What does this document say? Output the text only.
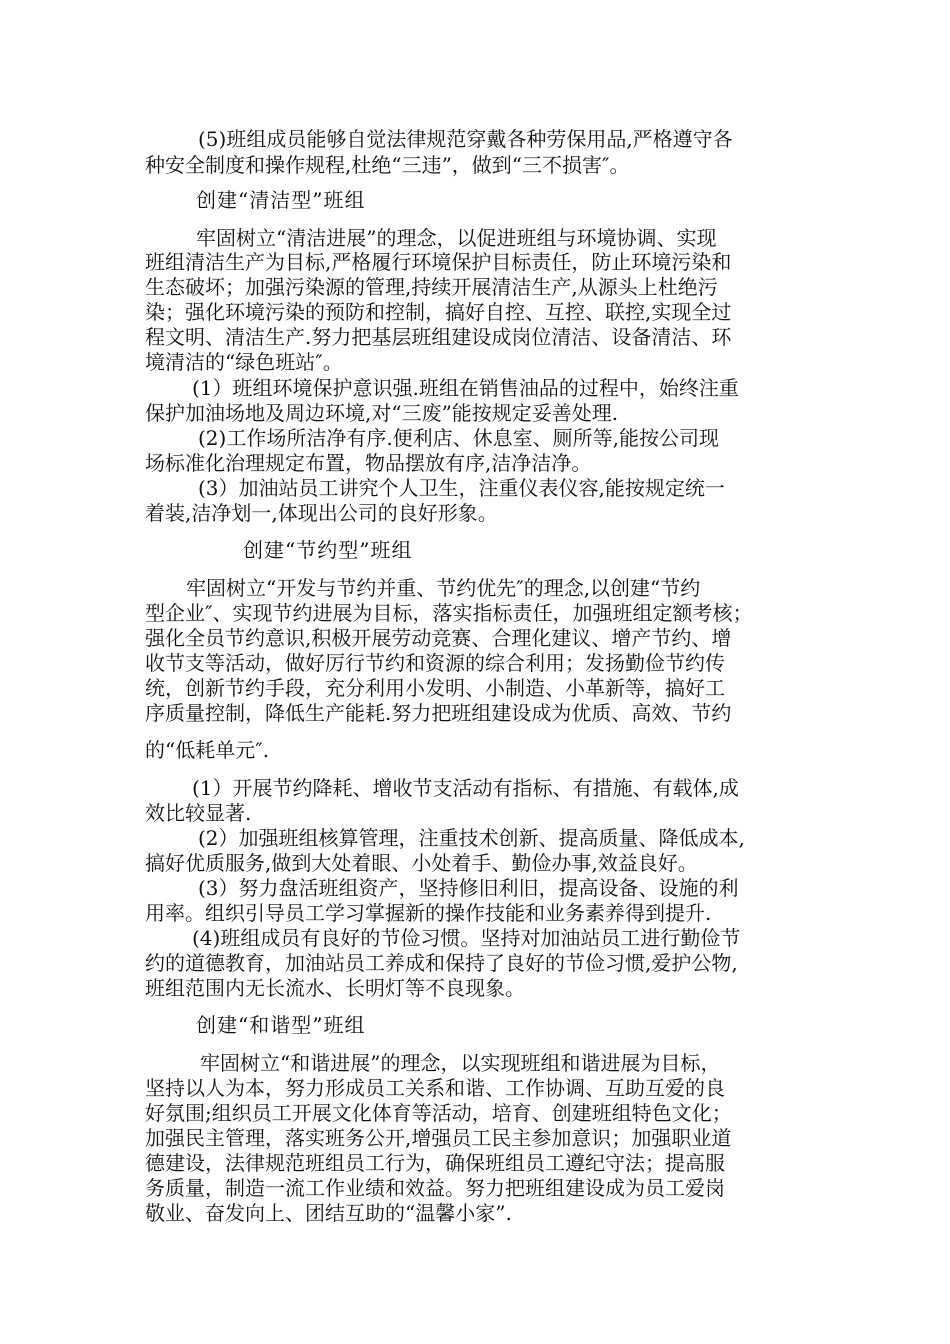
(5)班组成员能够自觉法律规范穿戴各种劳保用品,严格遵守各
种安全制度和操作规程,杜绝“三违”，做到“三不损害″。
创建“清洁型”班组
牢固树立“清洁进展”的理念，以促进班组与环境协调、实现
班组清洁生产为目标,严格履行环境保护目标责任，防止环境污染和
生态破坏；加强污染源的管理,持续开展清洁生产,从源头上杜绝污
染；强化环境污染的预防和控制，搞好自控、互控、联控,实现全过
程文明、清洁生产.努力把基层班组建设成岗位清洁、设备清洁、环
境清洁的“绿色班站″。
(1）班组环境保护意识强.班组在销售油品的过程中，始终注重
保护加油场地及周边环境,对“三废”能按规定妥善处理.
(2)工作场所洁净有序.便利店、休息室、厕所等,能按公司现
场标准化治理规定布置，物品摆放有序,洁净洁净。
(3）加油站员工讲究个人卫生，注重仪表仪容,能按规定统一
着装,洁净划一,体现出公司的良好形象。
创建“节约型”班组
牢固树立“开发与节约并重、节约优先″的理念,以创建“节约
型企业″、实现节约进展为目标，落实指标责任，加强班组定额考核；
强化全员节约意识,积极开展劳动竞赛、合理化建议、增产节约、增
收节支等活动，做好厉行节约和资源的综合利用；发扬勤俭节约传
统，创新节约手段，充分利用小发明、小制造、小革新等，搞好工
序质量控制，降低生产能耗.努力把班组建设成为优质、高效、节约
的“低耗单元″.
(1）开展节约降耗、增收节支活动有指标、有措施、有载体,成
效比较显著.
(2）加强班组核算管理，注重技术创新、提高质量、降低成本,
搞好优质服务,做到大处着眼、小处着手、勤俭办事,效益良好。
(3）努力盘活班组资产，坚持修旧利旧，提高设备、设施的利
用率。组织引导员工学习掌握新的操作技能和业务素养得到提升.
(4)班组成员有良好的节俭习惯。坚持对加油站员工进行勤俭节
约的道德教育，加油站员工养成和保持了良好的节俭习惯,爱护公物,
班组范围内无长流水、长明灯等不良现象。
创建“和谐型”班组
牢固树立“和谐进展”的理念，以实现班组和谐进展为目标，
坚持以人为本，努力形成员工关系和谐、工作协调、互助互爱的良
好氛围;组织员工开展文化体育等活动，培育、创建班组特色文化；
加强民主管理，落实班务公开,增强员工民主参加意识；加强职业道
德建设，法律规范班组员工行为，确保班组员工遵纪守法；提高服
务质量，制造一流工作业绩和效益。努力把班组建设成为员工爱岗
敬业、奋发向上、团结互助的“温馨小家”.
